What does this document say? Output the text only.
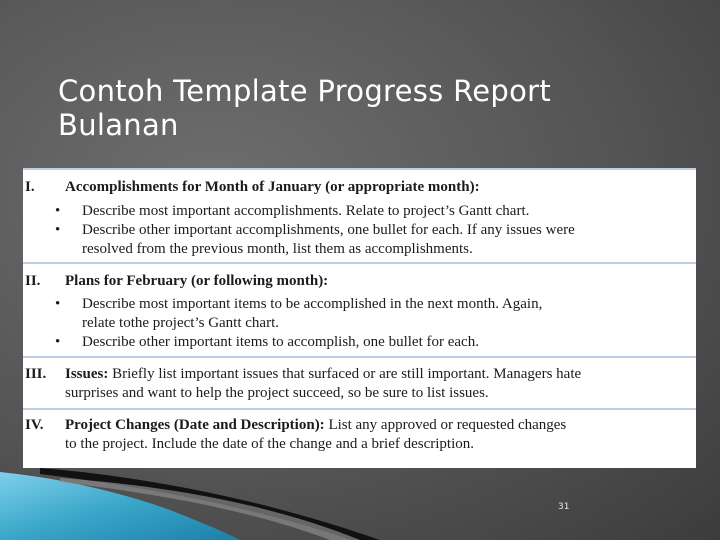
Contoh Template Progress Report
Bulanan
I. Accomplishments for Month of January (or appropriate month):
• Describe most important accomplishments. Relate to project’s Gantt chart.
• Describe other important accomplishments, one bullet for each. If any issues were
resolved from the previous month, list them as accomplishments.
II. Plans for February (or following month):
• Describe most important items to be accomplished in the next month. Again,
relate tothe project’s Gantt chart.
• Describe other important items to accomplish, one bullet for each.
III. Issues: Briefly list important issues that surfaced or are still important. Managers hate
surprises and want to help the project succeed, so be sure to list issues.
IV. Project Changes (Date and Description): List any approved or requested changes
to the project. Include the date of the change and a brief description.
31
